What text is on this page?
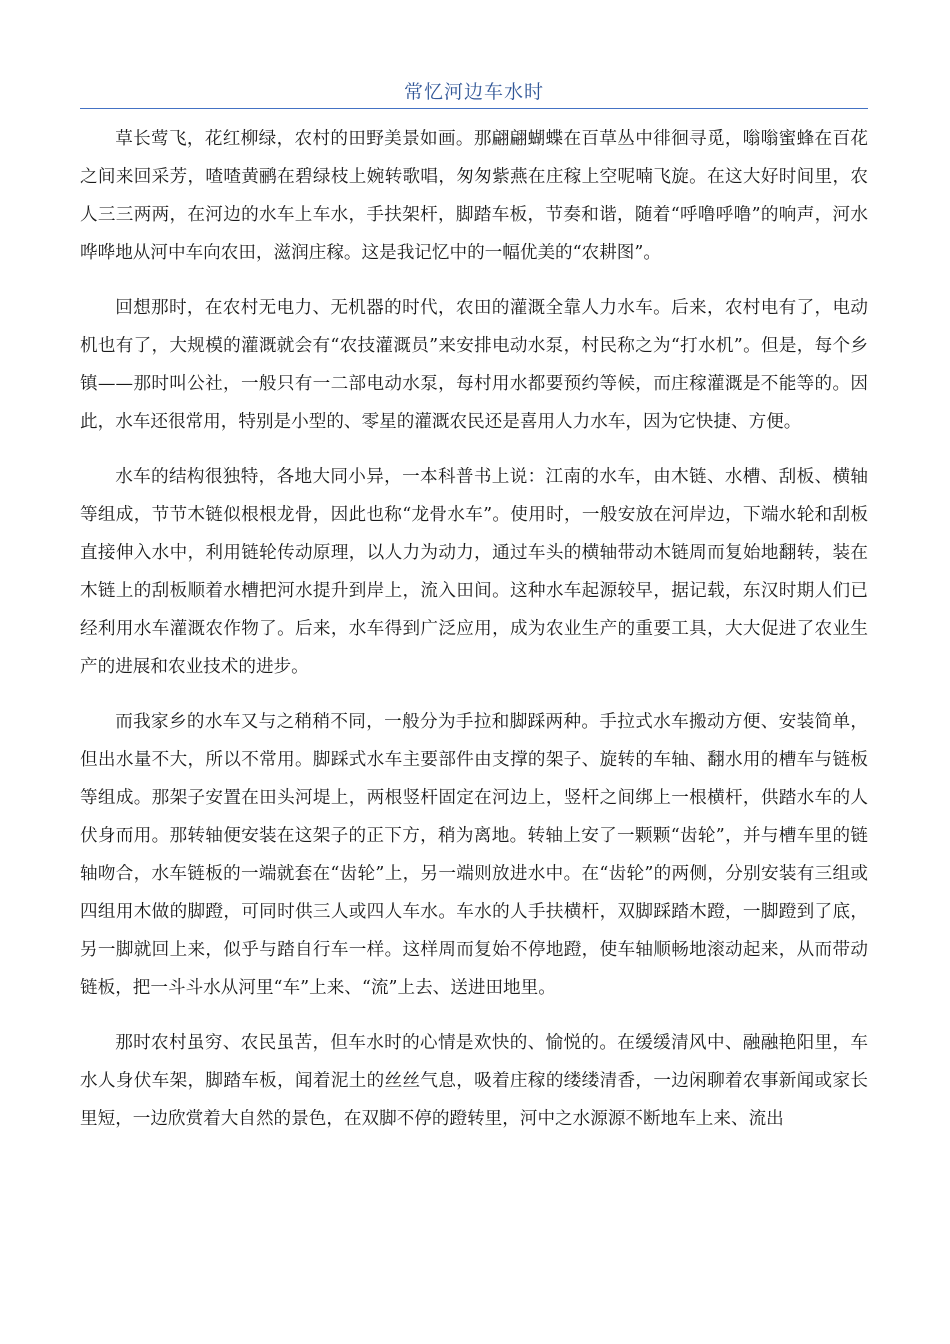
常忆河边车水时

草长莺飞，花红柳绿，农村的田野美景如画。那翩翩蝴蝶在百草丛中徘徊寻觅，嗡嗡蜜蜂在百花之间来回采芳，喳喳黄鹂在碧绿枝上婉转歌唱，匆匆紫燕在庄稼上空呢喃飞旋。在这大好时间里，农人三三两两，在河边的水车上车水，手扶架杆，脚踏车板，节奏和谐，随着“呼噜呼噜”的响声，河水哗哗地从河中车向农田，滋润庄稼。这是我记忆中的一幅优美的“农耕图”。

回想那时，在农村无电力、无机器的时代，农田的灌溉全靠人力水车。后来，农村电有了，电动机也有了，大规模的灌溉就会有“农技灌溉员”来安排电动水泵，村民称之为“打水机”。但是，每个乡镇——那时叫公社，一般只有一二部电动水泵，每村用水都要预约等候，而庄稼灌溉是不能等的。因此，水车还很常用，特别是小型的、零星的灌溉农民还是喜用人力水车，因为它快捷、方便。

水车的结构很独特，各地大同小异，一本科普书上说：江南的水车，由木链、水槽、刮板、横轴等组成，节节木链似根根龙骨，因此也称“龙骨水车”。使用时，一般安放在河岸边，下端水轮和刮板直接伸入水中，利用链轮传动原理，以人力为动力，通过车头的横轴带动木链周而复始地翻转，装在木链上的刮板顺着水槽把河水提升到岸上，流入田间。这种水车起源较早，据记载，东汉时期人们已经利用水车灌溉农作物了。后来，水车得到广泛应用，成为农业生产的重要工具，大大促进了农业生产的进展和农业技术的进步。

而我家乡的水车又与之稍稍不同，一般分为手拉和脚踩两种。手拉式水车搬动方便、安装简单，但出水量不大，所以不常用。脚踩式水车主要部件由支撑的架子、旋转的车轴、翻水用的槽车与链板等组成。那架子安置在田头河堤上，两根竖杆固定在河边上，竖杆之间绑上一根横杆，供踏水车的人伏身而用。那转轴便安装在这架子的正下方，稍为离地。转轴上安了一颗颗“齿轮”，并与槽车里的链轴吻合，水车链板的一端就套在“齿轮”上，另一端则放进水中。在“齿轮”的两侧，分别安装有三组或四组用木做的脚蹬，可同时供三人或四人车水。车水的人手扶横杆，双脚踩踏木蹬，一脚蹬到了底，另一脚就回上来，似乎与踏自行车一样。这样周而复始不停地蹬，使车轴顺畅地滚动起来，从而带动链板，把一斗斗水从河里“车”上来、“流”上去、送进田地里。

那时农村虽穷、农民虽苦，但车水时的心情是欢快的、愉悦的。在缓缓清风中、融融艳阳里，车水人身伏车架，脚踏车板，闻着泥土的丝丝气息，吸着庄稼的缕缕清香，一边闲聊着农事新闻或家长里短，一边欣赏着大自然的景色，在双脚不停的蹬转里，河中之水源源不断地车上来、流出
